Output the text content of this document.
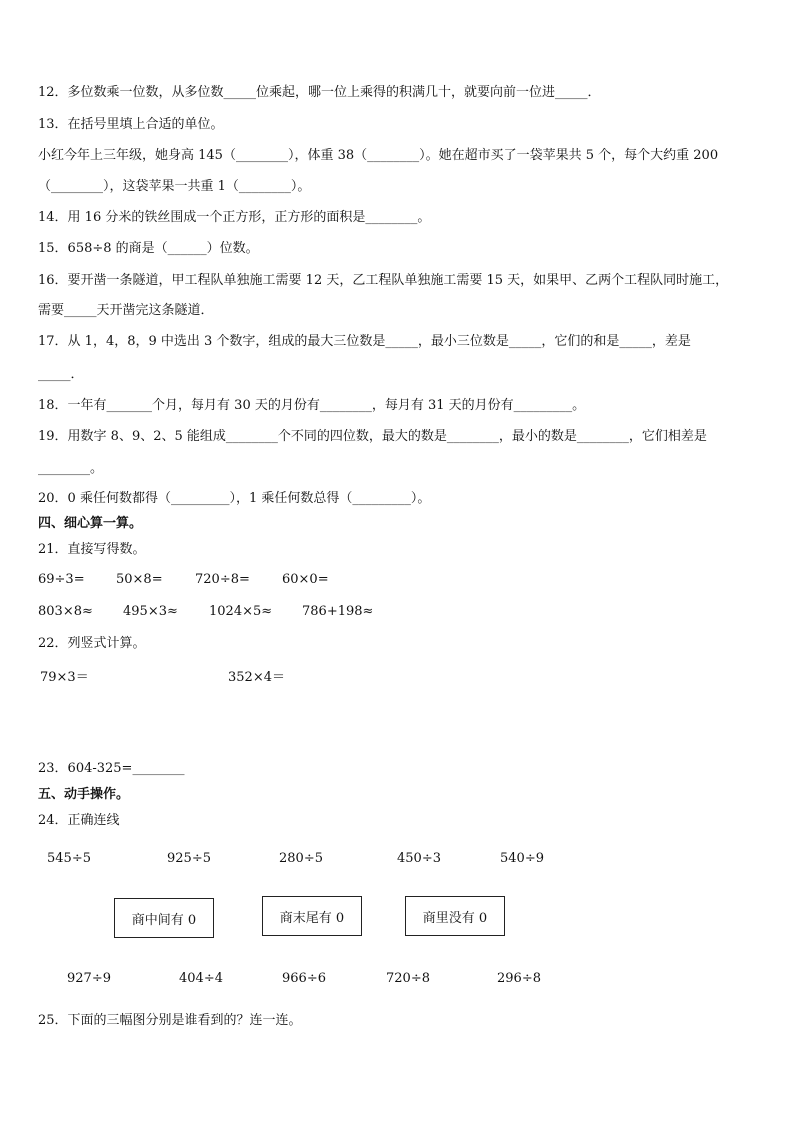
12．多位数乘一位数，从多位数_____位乘起，哪一位上乘得的积满几十，就要向前一位进_____．
13．在括号里填上合适的单位。
小红今年上三年级，她身高 145（________），体重 38（________）。她在超市买了一袋苹果共 5 个，每个大约重 200
（________），这袋苹果一共重 1（________）。
14．用 16 分米的铁丝围成一个正方形，正方形的面积是________。
15．658÷8 的商是（______）位数。
16．要开凿一条隧道，甲工程队单独施工需要 12 天，乙工程队单独施工需要 15 天，如果甲、乙两个工程队同时施工，
需要_____天开凿完这条隧道．
17．从 1，4，8，9 中选出 3 个数字，组成的最大三位数是_____，最小三位数是_____，它们的和是_____，差是
_____．
18．一年有_______个月，每月有 30 天的月份有________，每月有 31 天的月份有_________。
19．用数字 8、9、2、5 能组成________个不同的四位数，最大的数是________，最小的数是________，它们相差是
________。
20．0 乘任何数都得（_________），1 乘任何数总得（_________）。
四、细心算一算。
21．直接写得数。
69÷3= 50×8= 720÷8= 60×0=
803×8≈ 495×3≈ 1024×5≈ 786+198≈
22．列竖式计算。
79×3＝	352×4＝
23．604-325=________
五、动手操作。
24．正确连线
545÷5	925÷5	280÷5	450÷3	540÷9
商中间有 0	商末尾有 0	商里没有 0
927÷9	404÷4	966÷6	720÷8	296÷8
25．下面的三幅图分别是谁看到的？连一连。
